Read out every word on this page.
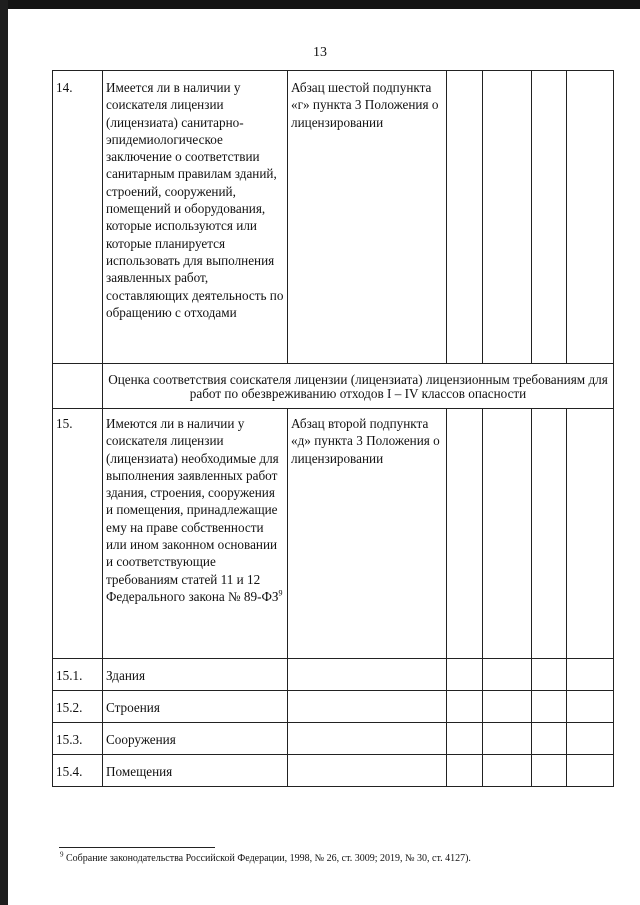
13
14.	Имеется ли в наличии у соискателя лицензии (лицензиата) санитарно-эпидемиологическое заключение о соответствии санитарным правилам зданий, строений, сооружений, помещений и оборудования, которые используются или которые планируется использовать для выполнения заявленных работ, составляющих деятельность по обращению с отходами	Абзац шестой подпункта «г» пункта 3 Положения о лицензировании				
	Оценка соответствия соискателя лицензии (лицензиата) лицензионным требованиям для работ по обезвреживанию отходов I – IV классов опасности					
15.	Имеются ли в наличии у соискателя лицензии (лицензиата) необходимые для выполнения заявленных работ здания, строения, сооружения и помещения, принадлежащие ему на праве собственности или ином законном основании и соответствующие требованиям статей 11 и 12 Федерального закона № $89-ФЗ^9$	Абзац второй подпункта «д» пункта 3 Положения о лицензировании				
15.1.	Здания					
15.2.	Строения					
15.3.	Сооружения					
15.4.	Помещения					
$^9$ Собрание законодательства Российской Федерации, 1998, № 26, ст. 3009; 2019, № 30, ст. 4127).
